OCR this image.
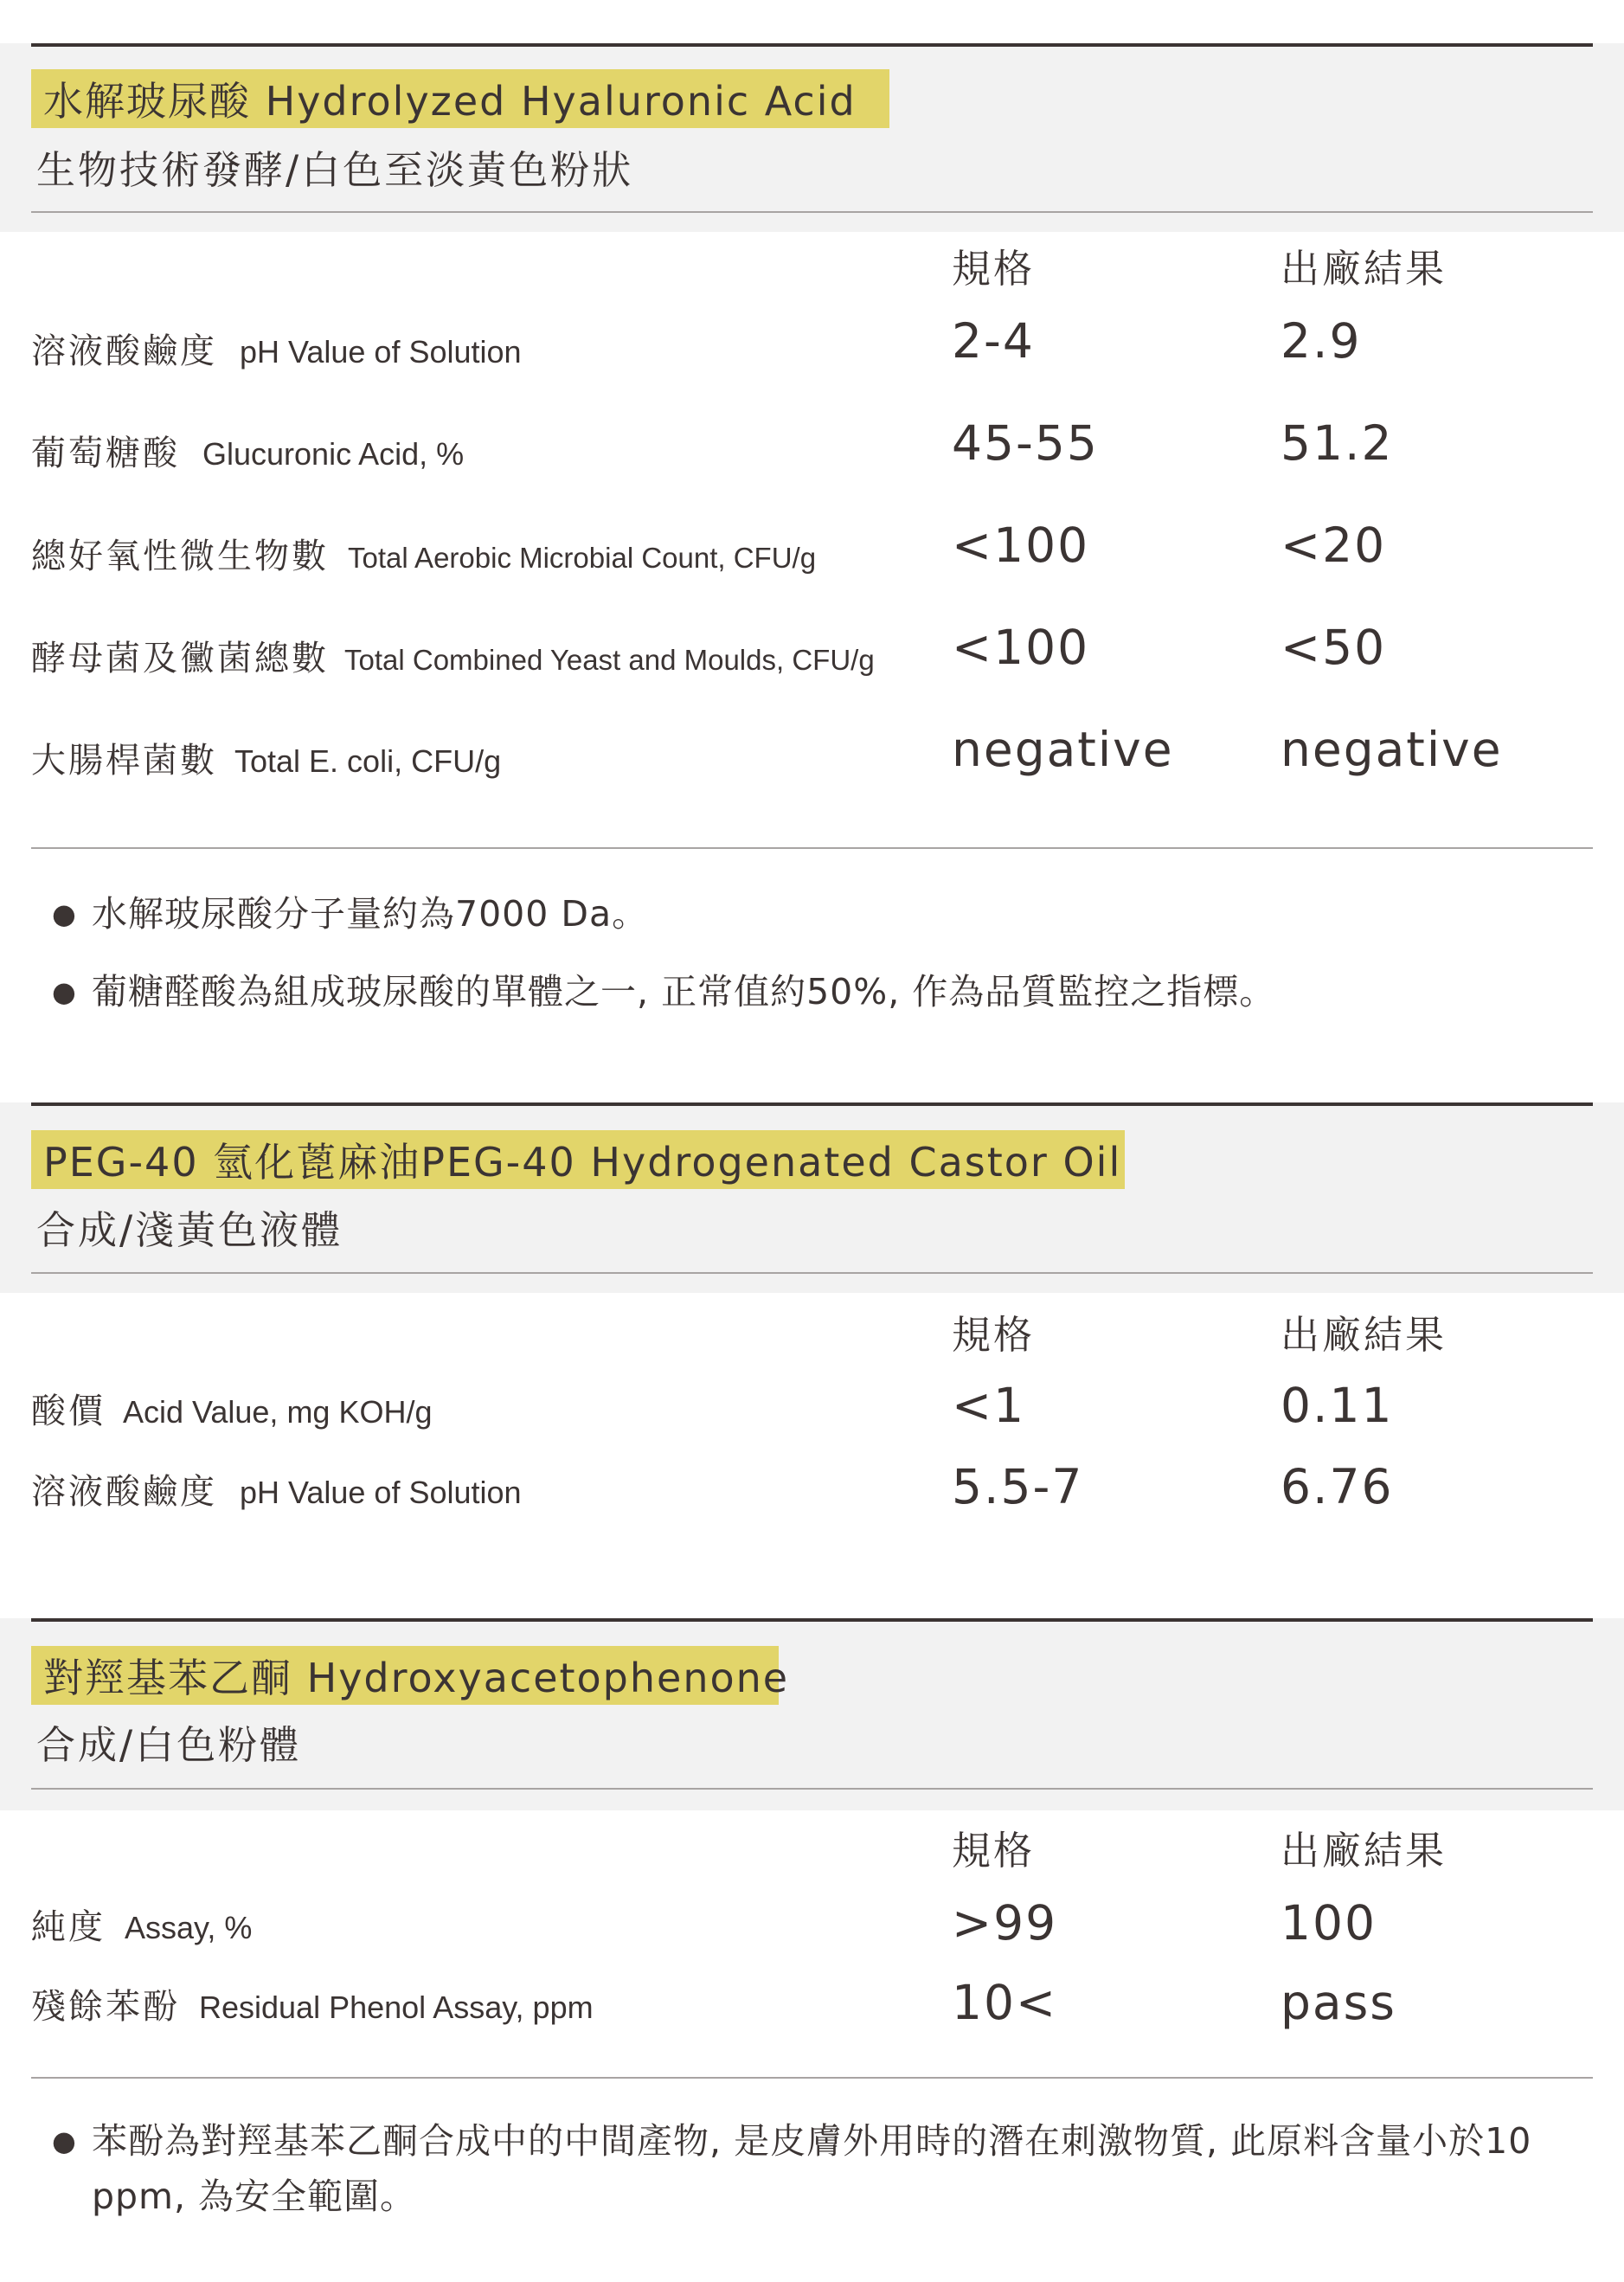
水解玻尿酸 Hydrolyzed Hyaluronic Acid
生物技術發酵/白色至淡黃色粉狀
規格	出廠結果
溶液酸鹼度 pH Value of Solution	2-4	2.9
葡萄糖酸 Glucuronic Acid, %	45-55	51.2
總好氧性微生物數 Total Aerobic Microbial Count, CFU/g	<100	<20
酵母菌及黴菌總數 Total Combined Yeast and Moulds, CFU/g <100	<50
大腸桿菌數 Total E. coli, CFU/g	negative negative
● 水解玻尿酸分子量約為7000 Da。
● 葡糖醛酸為組成玻尿酸的單體之一, 正常值約50%, 作為品質監控之指標。
PEG-40 氫化蓖麻油PEG-40 Hydrogenated Castor Oil
合成/淺黃色液體
規格	出廠結果
酸價 Acid Value, mg KOH/g	<1	0.11
溶液酸鹼度 pH Value of Solution	5.5-7	6.76
對羥基苯乙酮 Hydroxyacetophenone
合成/白色粉體
規格	出廠結果
純度 Assay, %	>99	100
殘餘苯酚 Residual Phenol Assay, ppm	10<	pass
● 苯酚為對羥基苯乙酮合成中的中間產物, 是皮膚外用時的潛在刺激物質, 此原料含量小於10 ppm, 為安全範圍。
